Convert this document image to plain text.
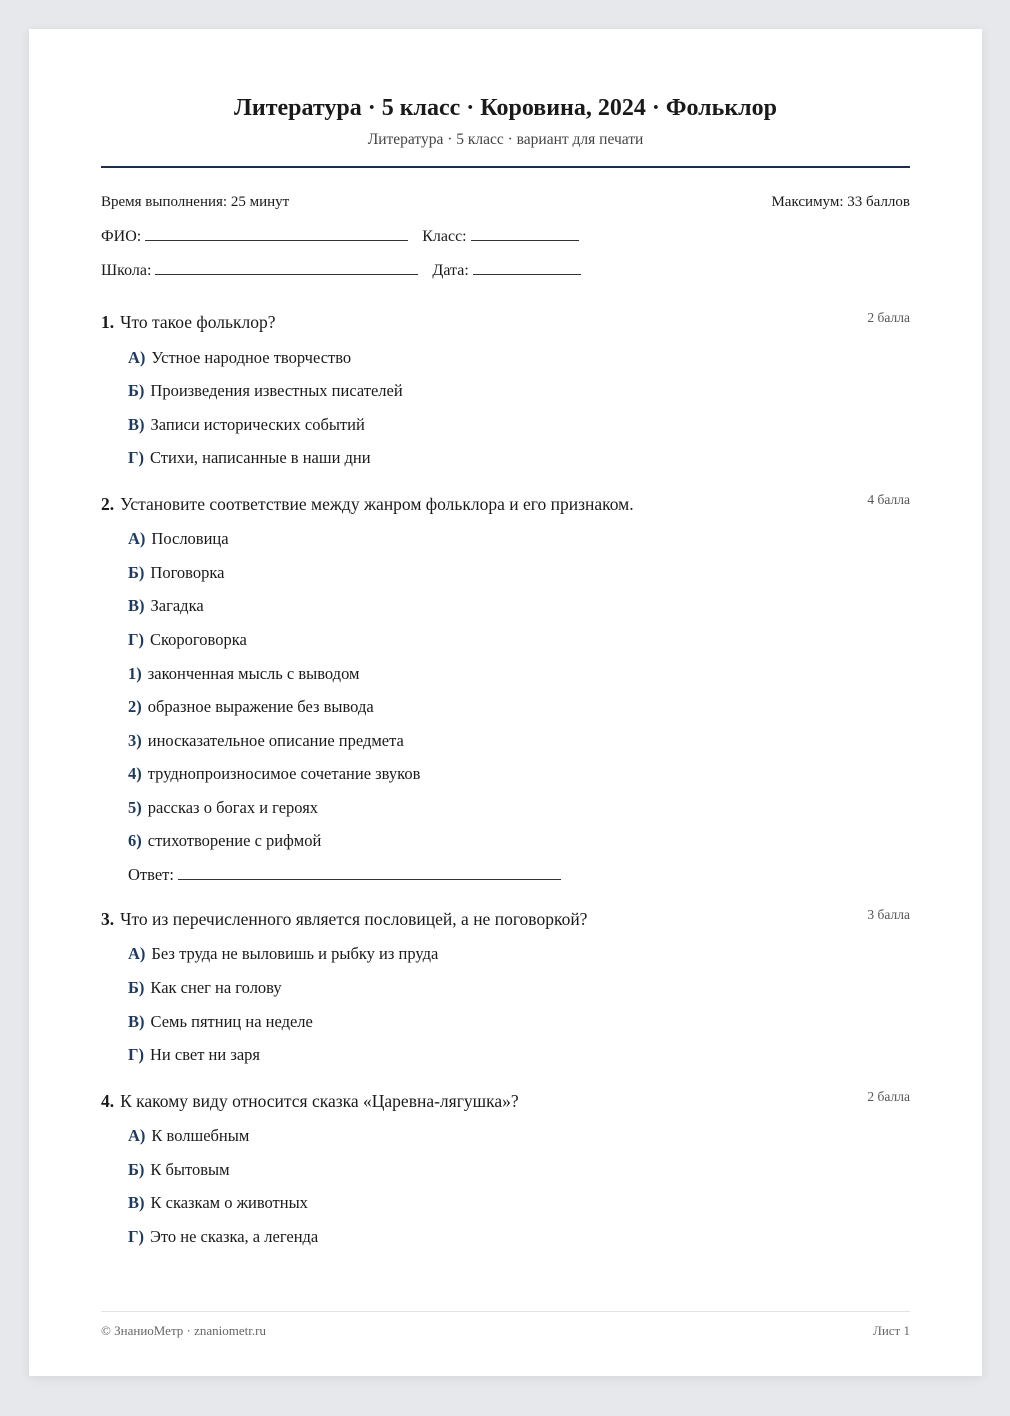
Литература · 5 класс · Коровина, 2024 · Фольклор
Литература · 5 класс · вариант для печати
Время выполнения: 25 минут	Максимум: 33 баллов
ФИО:	Класс:
Школа:	Дата:
1. Что такое фольклор?	2 балла
А) Устное народное творчество
Б) Произведения известных писателей
В) Записи исторических событий
Г) Стихи, написанные в наши дни
2. Установите соответствие между жанром фольклора и его признаком.	4 балла
А) Пословица
Б) Поговорка
В) Загадка
Г) Скороговорка
1) законченная мысль с выводом
2) образное выражение без вывода
3) иносказательное описание предмета
4) труднопроизносимое сочетание звуков
5) рассказ о богах и героях
6) стихотворение с рифмой
Ответ:
3. Что из перечисленного является пословицей, а не поговоркой?	3 балла
А) Без труда не выловишь и рыбку из пруда
Б) Как снег на голову
В) Семь пятниц на неделе
Г) Ни свет ни заря
4. К какому виду относится сказка «Царевна-лягушка»?	2 балла
А) К волшебным
Б) К бытовым
В) К сказкам о животных
Г) Это не сказка, а легенда
© ЗнаниоМетр · znaniometr.ru	Лист 1
